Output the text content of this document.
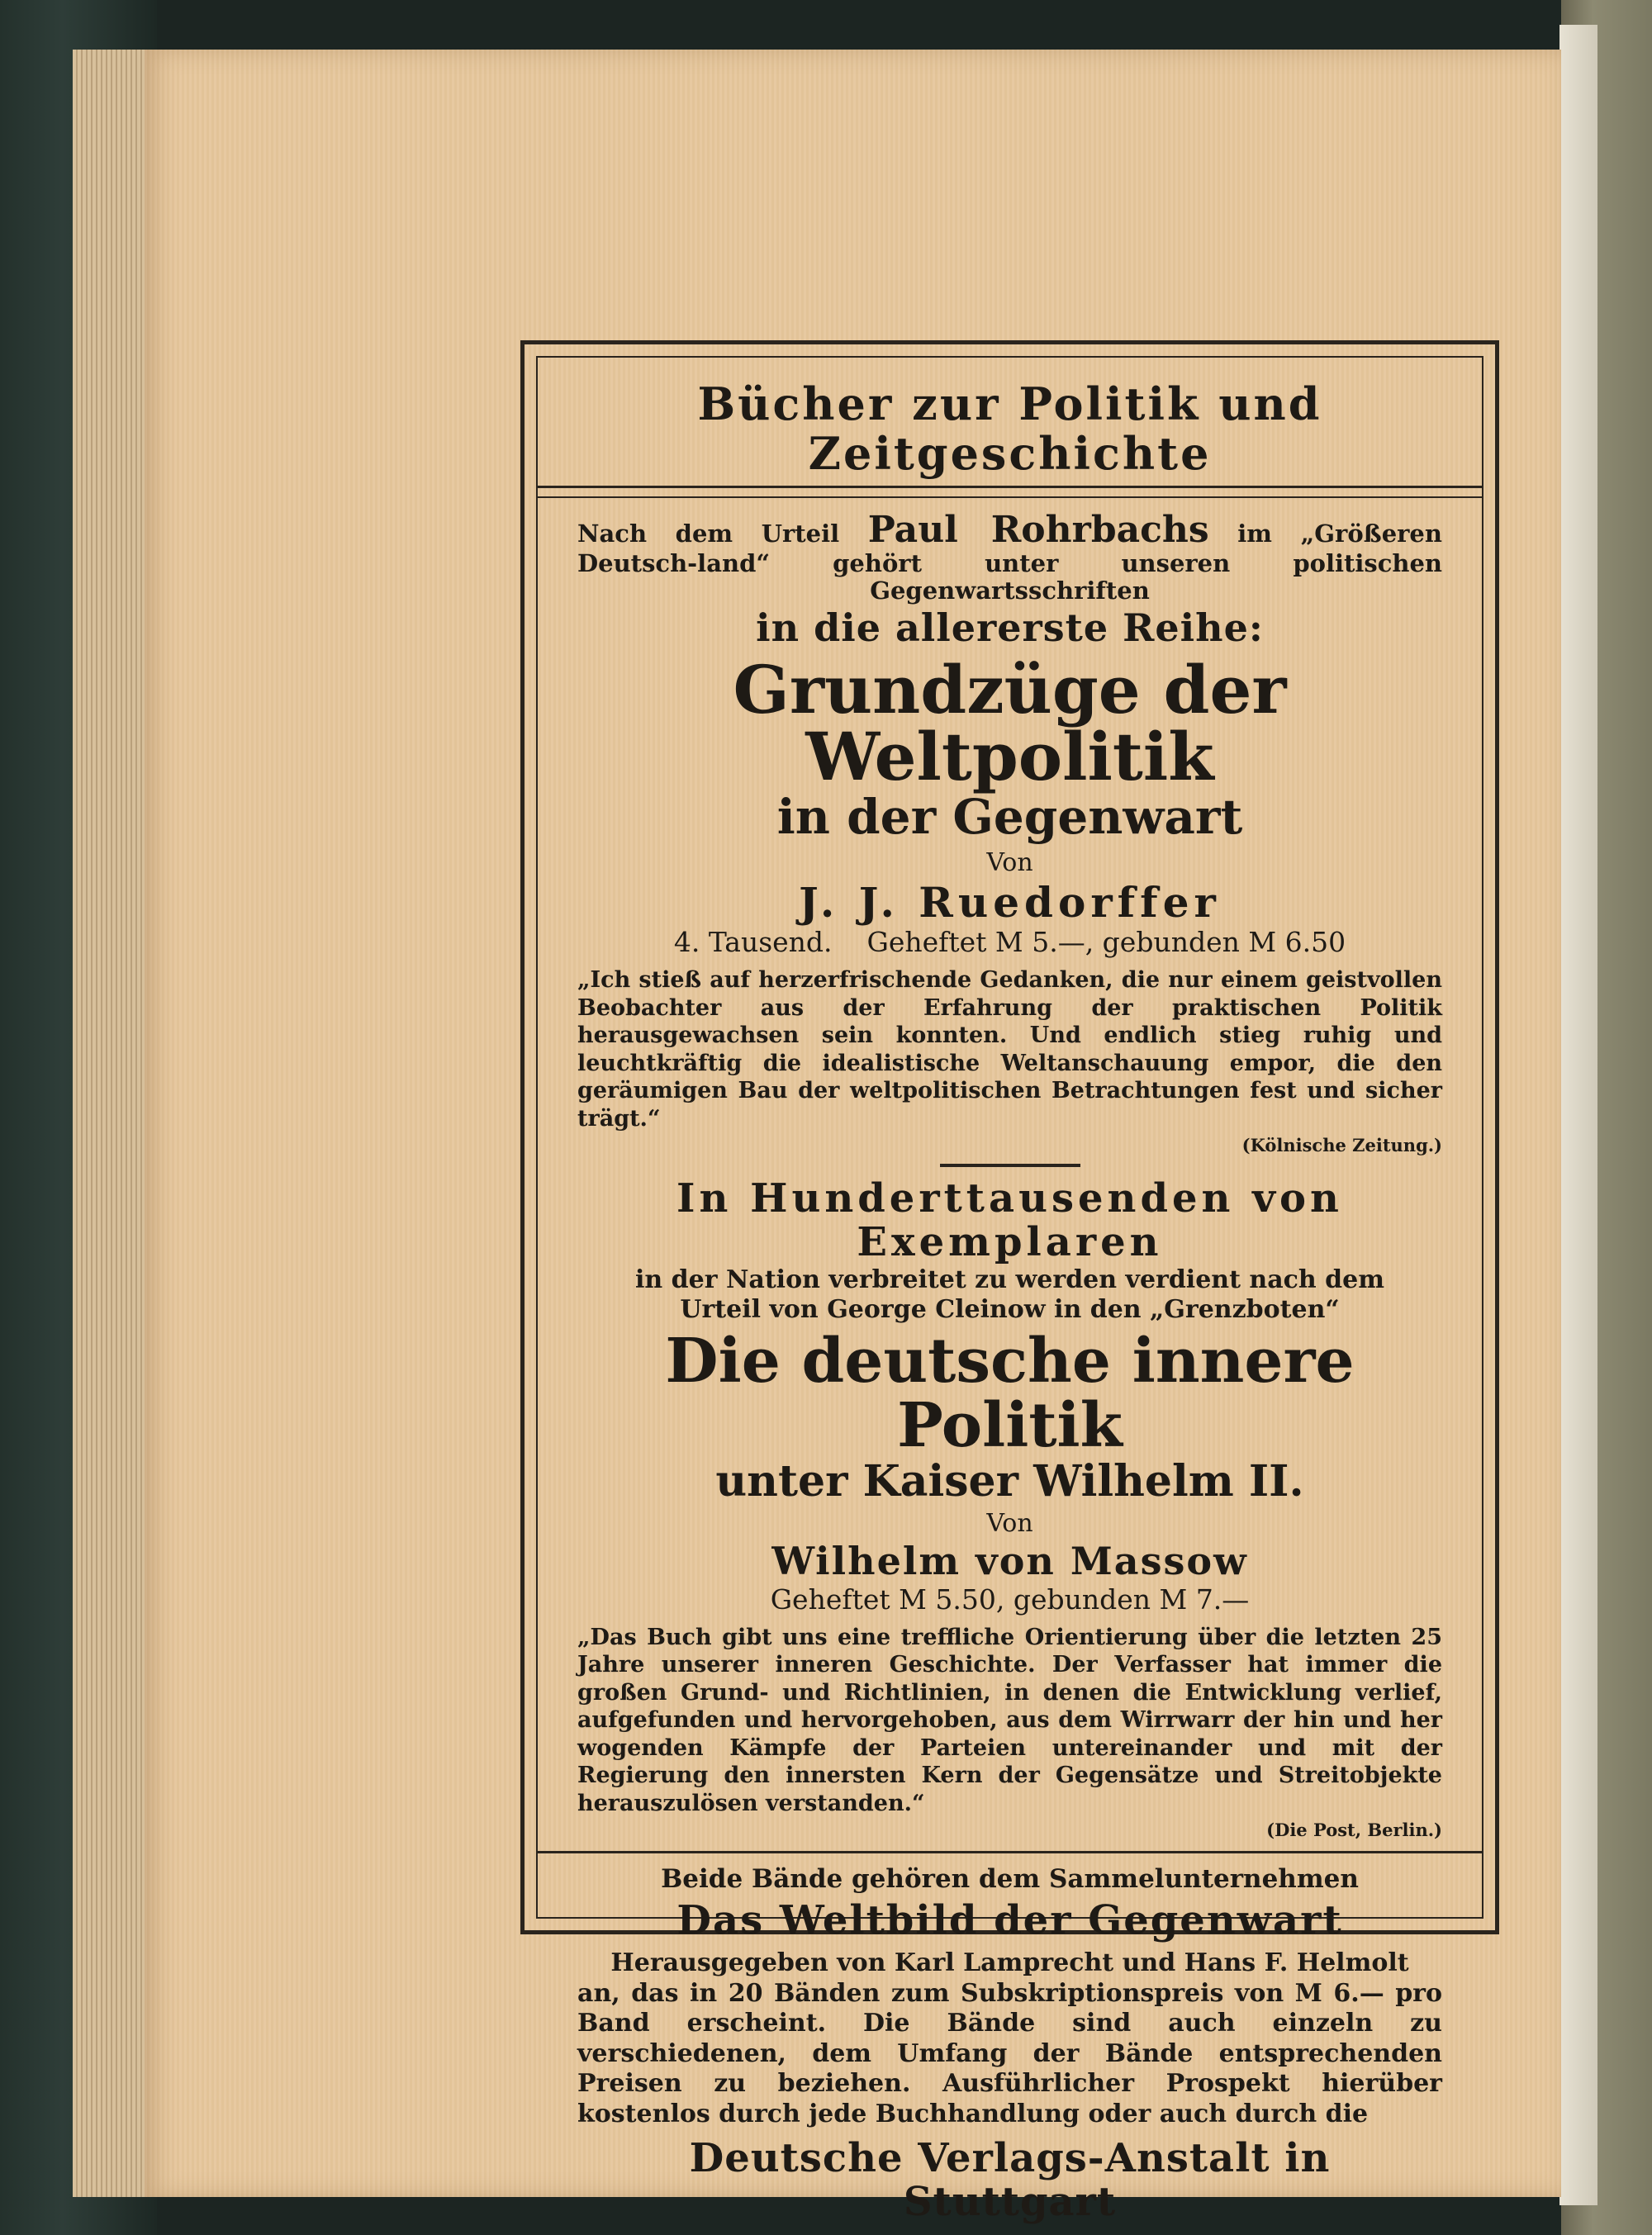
Bücher zur Politik und Zeitgeschichte

Nach dem Urteil Paul Rohrbachs im „Größeren Deutsch-land“ gehört unter unseren politischen Gegenwartsschriften

in die allererste Reihe:

Grundzüge der Weltpolitik

in der Gegenwart

Von

J. J. Ruedorffer

4. Tausend.    Geheftet M 5.—, gebunden M 6.50

„Ich stieß auf herzerfrischende Gedanken, die nur einem geistvollen Beobachter aus der Erfahrung der praktischen Politik herausgewachsen sein konnten. Und endlich stieg ruhig und leuchtkräftig die idealistische Weltanschauung empor, die den geräumigen Bau der weltpolitischen Betrachtungen fest und sicher trägt.“

(Kölnische Zeitung.)

In Hunderttausenden von Exemplaren

in der Nation verbreitet zu werden verdient nach dem

Urteil von George Cleinow in den „Grenzboten“

Die deutsche innere Politik

unter Kaiser Wilhelm II.

Von

Wilhelm von Massow

Geheftet M 5.50, gebunden M 7.—

„Das Buch gibt uns eine treffliche Orientierung über die letzten 25 Jahre unserer inneren Geschichte. Der Verfasser hat immer die großen Grund- und Richtlinien, in denen die Entwicklung verlief, aufgefunden und hervorgehoben, aus dem Wirrwarr der hin und her wogenden Kämpfe der Parteien untereinander und mit der Regierung den innersten Kern der Gegensätze und Streitobjekte herauszulösen verstanden.“

(Die Post, Berlin.)

Beide Bände gehören dem Sammelunternehmen

Das Weltbild der Gegenwart

Herausgegeben von Karl Lamprecht und Hans F. Helmolt

an, das in 20 Bänden zum Subskriptionspreis von M 6.— pro Band erscheint. Die Bände sind auch einzeln zu verschiedenen, dem Umfang der Bände entsprechenden Preisen zu beziehen. Ausführlicher Prospekt hierüber kostenlos durch jede Buchhandlung oder auch durch die

Deutsche Verlags-Anstalt in Stuttgart
